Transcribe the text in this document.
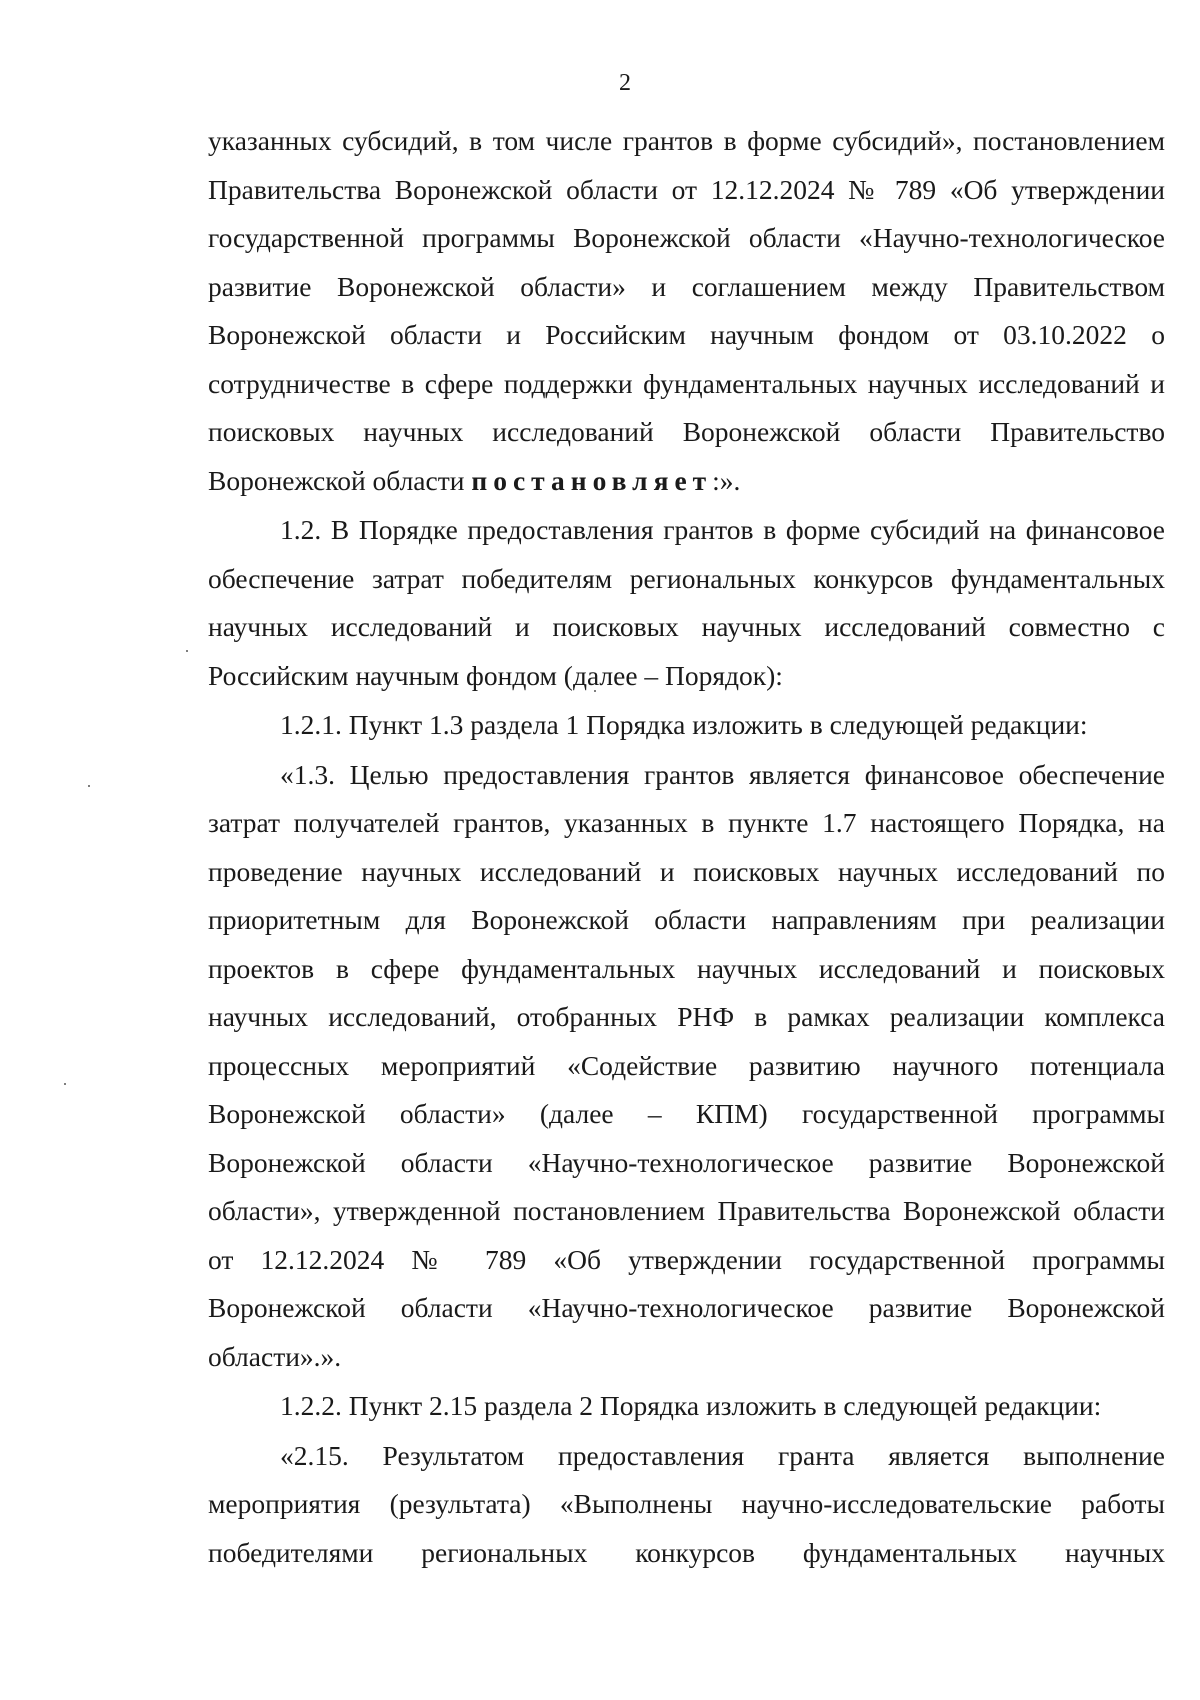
2

указанных субсидий, в том числе грантов в форме субсидий», постановлением Правительства Воронежской области от 12.12.2024 № 789 «Об утверждении государственной программы Воронежской области «Научно-технологическое развитие Воронежской области» и соглашением между Правительством Воронежской области и Российским научным фондом от 03.10.2022 о сотрудничестве в сфере поддержки фундаментальных научных исследований и поисковых научных исследований Воронежской области Правительство Воронежской области постановляет:».

1.2. В Порядке предоставления грантов в форме субсидий на финансовое обеспечение затрат победителям региональных конкурсов фундаментальных научных исследований и поисковых научных исследований совместно с Российским научным фондом (далее – Порядок):

1.2.1. Пункт 1.3 раздела 1 Порядка изложить в следующей редакции:

«1.3. Целью предоставления грантов является финансовое обеспечение затрат получателей грантов, указанных в пункте 1.7 настоящего Порядка, на проведение научных исследований и поисковых научных исследований по приоритетным для Воронежской области направлениям при реализации проектов в сфере фундаментальных научных исследований и поисковых научных исследований, отобранных РНФ в рамках реализации комплекса процессных мероприятий «Содействие развитию научного потенциала Воронежской области» (далее – КПМ) государственной программы Воронежской области «Научно-технологическое развитие Воронежской области», утвержденной постановлением Правительства Воронежской области от 12.12.2024 № 789 «Об утверждении государственной программы Воронежской области «Научно-технологическое развитие Воронежской области».».

1.2.2. Пункт 2.15 раздела 2 Порядка изложить в следующей редакции:

«2.15. Результатом предоставления гранта является выполнение мероприятия (результата) «Выполнены научно-исследовательские работы победителями региональных конкурсов фундаментальных научных
